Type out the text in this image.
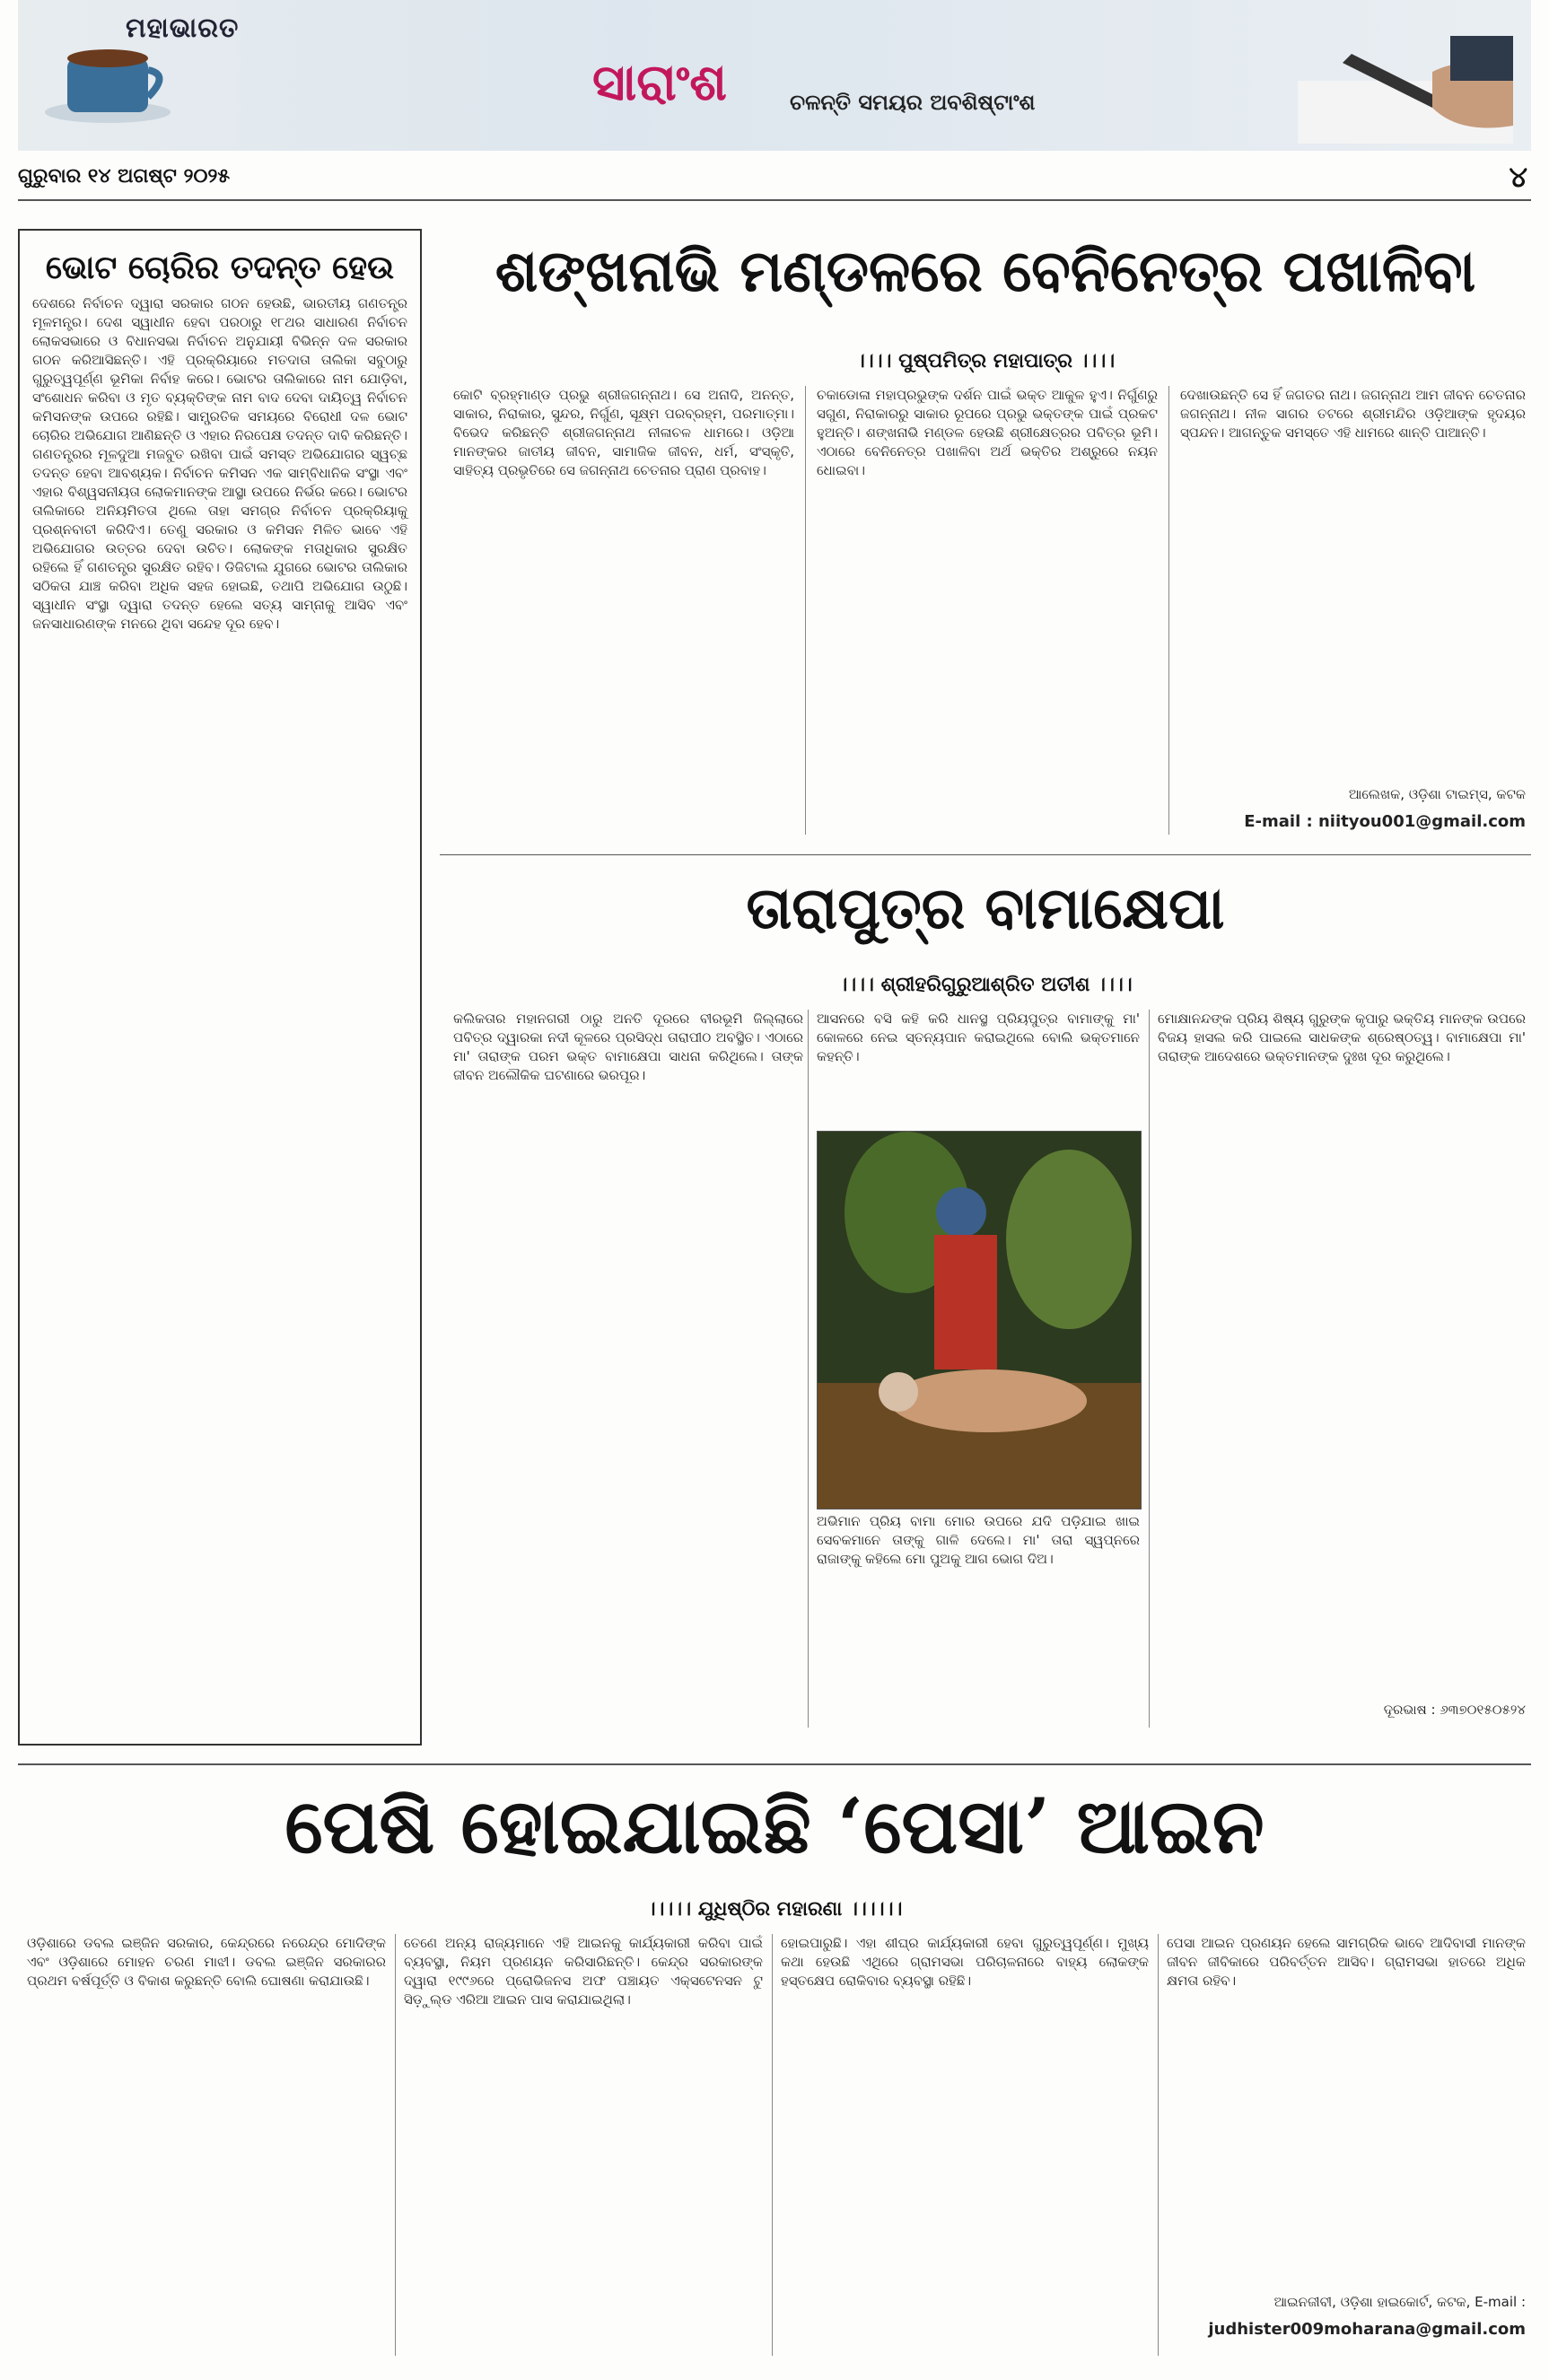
ମହାଭାରତ
ସାରାଂଶ	ଚଳନ୍ତି ସମୟର ଅବଶିଷ୍ଟାଂଶ
ଗୁରୁବାର ୧୪ ଅଗଷ୍ଟ ୨୦୨୫	୪
ଭୋଟ ଚୋରିର ତଦନ୍ତ ହେଉ
ଦେଶରେ ନିର୍ବାଚନ ଦ୍ୱାରା ସରକାର ଗଠନ ହେଉଛି, ଭାରତୀୟ ଗଣତନ୍ତ୍ର ମୂଳମନ୍ତ୍ର। ଦେଶ ସ୍ୱାଧୀନ ହେବା ପରଠାରୁ ୧୮ଥର ସାଧାରଣ ନିର୍ବାଚନ ଲୋକସଭାରେ ଓ ବିଧାନସଭା ନିର୍ବାଚନ ଅନୁଯାୟୀ ବିଭିନ୍ନ ଦଳ ସରକାର ଗଠନ କରିଆସିଛନ୍ତି। ଏହି ପ୍ରକ୍ରିୟାରେ ମତଦାତା ତାଲିକା ସବୁଠାରୁ ଗୁରୁତ୍ୱପୂର୍ଣ୍ଣ ଭୂମିକା ନିର୍ବାହ କରେ। ଭୋଟର ତାଲିକାରେ ନାମ ଯୋଡ଼ିବା, ସଂଶୋଧନ କରିବା ଓ ମୃତ ବ୍ୟକ୍ତିଙ୍କ ନାମ ବାଦ ଦେବା ଦାୟିତ୍ୱ ନିର୍ବାଚନ କମିସନଙ୍କ ଉପରେ ରହିଛି। ସାମ୍ପ୍ରତିକ ସମୟରେ ବିରୋଧୀ ଦଳ ଭୋଟ ଚୋରିର ଅଭିଯୋଗ ଆଣିଛନ୍ତି ଓ ଏହାର ନିରପେକ୍ଷ ତଦନ୍ତ ଦାବି କରିଛନ୍ତି। ଗଣତନ୍ତ୍ରର ମୂଳଦୁଆ ମଜବୁତ ରଖିବା ପାଇଁ ସମସ୍ତ ଅଭିଯୋଗର ସ୍ୱଚ୍ଛ ତଦନ୍ତ ହେବା ଆବଶ୍ୟକ। ନିର୍ବାଚନ କମିସନ ଏକ ସାମ୍ବିଧାନିକ ସଂସ୍ଥା ଏବଂ ଏହାର ବିଶ୍ୱସନୀୟତା ଲୋକମାନଙ୍କ ଆସ୍ଥା ଉପରେ ନିର୍ଭର କରେ। ଭୋଟର ତାଲିକାରେ ଅନିୟମିତତା ଥିଲେ ତାହା ସମଗ୍ର ନିର୍ବାଚନ ପ୍ରକ୍ରିୟାକୁ ପ୍ରଶ୍ନବାଚୀ କରିଦିଏ। ତେଣୁ ସରକାର ଓ କମିସନ ମିଳିତ ଭାବେ ଏହି ଅଭିଯୋଗର ଉତ୍ତର ଦେବା ଉଚିତ। ଲୋକଙ୍କ ମତାଧିକାର ସୁରକ୍ଷିତ ରହିଲେ ହିଁ ଗଣତନ୍ତ୍ର ସୁରକ୍ଷିତ ରହିବ। ଡିଜିଟାଲ ଯୁଗରେ ଭୋଟର ତାଲିକାର ସଠିକତା ଯାଞ୍ଚ କରିବା ଅଧିକ ସହଜ ହୋଇଛି, ତଥାପି ଅଭିଯୋଗ ଉଠୁଛି। ସ୍ୱାଧୀନ ସଂସ୍ଥା ଦ୍ୱାରା ତଦନ୍ତ ହେଲେ ସତ୍ୟ ସାମ୍ନାକୁ ଆସିବ ଏବଂ ଜନସାଧାରଣଙ୍କ ମନରେ ଥିବା ସନ୍ଦେହ ଦୂର ହେବ।
ଶଙ୍ଖନାଭି ମଣ୍ଡଳରେ ବେନିନେତ୍ର ପଖାଳିବା
।।।। ପୁଷ୍ପମିତ୍ର ମହାପାତ୍ର ।।।।
କୋଟି ବ୍ରହ୍ମାଣ୍ଡ ପ୍ରଭୁ ଶ୍ରୀଜଗନ୍ନାଥ। ସେ ଅନାଦି, ଅନନ୍ତ, ସାକାର, ନିରାକାର, ସୁନ୍ଦର, ନିର୍ଗୁଣ, ସୂକ୍ଷ୍ମ ପରବ୍ରହ୍ମ, ପରମାତ୍ମା। ବିଭେଦ କରିଛନ୍ତି ଶ୍ରୀଜଗନ୍ନାଥ ନୀଳାଚଳ ଧାମରେ। ଓଡ଼ିଆ ମାନଙ୍କର ଜାତୀୟ ଜୀବନ, ସାମାଜିକ ଜୀବନ, ଧର୍ମ, ସଂସ୍କୃତି, ସାହିତ୍ୟ ପ୍ରଭୃତିରେ ସେ ଜଗନ୍ନାଥ ଚେତନାର ପ୍ରାଣ ପ୍ରବାହ।
ଚକାଡୋଳା ମହାପ୍ରଭୁଙ୍କ ଦର୍ଶନ ପାଇଁ ଭକ୍ତ ଆକୁଳ ହୁଏ। ନିର୍ଗୁଣରୁ ସଗୁଣ, ନିରାକାରରୁ ସାକାର ରୂପରେ ପ୍ରଭୁ ଭକ୍ତଙ୍କ ପାଇଁ ପ୍ରକଟ ହୁଅନ୍ତି। ଶଙ୍ଖନାଭି ମଣ୍ଡଳ ହେଉଛି ଶ୍ରୀକ୍ଷେତ୍ରର ପବିତ୍ର ଭୂମି। ଏଠାରେ ବେନିନେତ୍ର ପଖାଳିବା ଅର୍ଥ ଭକ୍ତିର ଅଶ୍ରୁରେ ନୟନ ଧୋଇବା।
ଦେଖାଉଛନ୍ତି ସେ ହିଁ ଜଗତର ନାଥ। ଜଗନ୍ନାଥ ଆମ ଜୀବନ ଚେତନାର ଜଗନ୍ନାଥ। ନୀଳ ସାଗର ତଟରେ ଶ୍ରୀମନ୍ଦିର ଓଡ଼ିଆଙ୍କ ହୃଦୟର ସ୍ପନ୍ଦନ। ଆଗନ୍ତୁକ ସମସ୍ତେ ଏହି ଧାମରେ ଶାନ୍ତି ପାଆନ୍ତି।
ଆଲେଖକ, ଓଡ଼ିଶା ଟାଇମ୍ସ, କଟକ
E-mail : niityou001@gmail.com
ତାରାପୁତ୍ର ବାମାକ୍ଷେପା
।।।। ଶ୍ରୀହରିଗୁରୁଆଶ୍ରିତ ଅତୀଶ ।।।।
କଲିକତାର ମହାନଗରୀ ଠାରୁ ଅନତି ଦୂରରେ ବୀରଭୂମି ଜିଲ୍ଲାରେ ପବିତ୍ର ଦ୍ୱାରକା ନଦୀ କୂଳରେ ପ୍ରସିଦ୍ଧ ତାରାପୀଠ ଅବସ୍ଥିତ। ଏଠାରେ ମା' ତାରାଙ୍କ ପରମ ଭକ୍ତ ବାମାକ୍ଷେପା ସାଧନା କରିଥିଲେ। ତାଙ୍କ ଜୀବନ ଅଲୌକିକ ଘଟଣାରେ ଭରପୂର।
ଆସନରେ ବସି କହି କରି ଧାନସ୍ଥ ପ୍ରିୟପୁତ୍ର ବାମାଙ୍କୁ ମା' କୋଳରେ ନେଇ ସ୍ତନ୍ୟପାନ କରାଇଥିଲେ ବୋଲି ଭକ୍ତମାନେ କହନ୍ତି।
ଅଭିମାନ ପ୍ରିୟ ବାମା ମୋର ଉପରେ ଯଦି ପଡ଼ିଯାଇ ଖାଇ ସେବକମାନେ ତାଙ୍କୁ ଗାଳି ଦେଲେ। ମା' ତାରା ସ୍ୱପ୍ନରେ ରାଜାଙ୍କୁ କହିଲେ ମୋ ପୁଅକୁ ଆଗ ଭୋଗ ଦିଅ।
ମୋକ୍ଷାନନ୍ଦଙ୍କ ପ୍ରିୟ ଶିଷ୍ୟ ଗୁରୁଙ୍କ କୃପାରୁ ଭକ୍ତିୟ ମାନଙ୍କ ଉପରେ ବିଜୟ ହାସଲ କରି ପାଇଲେ ସାଧକଙ୍କ ଶ୍ରେଷ୍ଠତ୍ୱ। ବାମାକ୍ଷେପା ମା' ତାରାଙ୍କ ଆଦେଶରେ ଭକ୍ତମାନଙ୍କ ଦୁଃଖ ଦୂର କରୁଥିଲେ।
ଦୂରଭାଷ : ୬୩୭୦୧୫୦୫୨୪
ପେଷି ହୋଇଯାଇଛି ‘ପେସା’ ଆଇନ
।।।।। ଯୁଧିଷ୍ଠିର ମହାରଣା ।।।।।।
ଓଡ଼ିଶାରେ ଡବଲ ଇଞ୍ଜିନ ସରକାର, କେନ୍ଦ୍ରରେ ନରେନ୍ଦ୍ର ମୋଦିଙ୍କ ଏବଂ ଓଡ଼ିଶାରେ ମୋହନ ଚରଣ ମାଝୀ। ଡବଲ ଇଞ୍ଜିନ ସରକାରର ପ୍ରଥମ ବର୍ଷପୂର୍ତ୍ତି ଓ ବିକାଶ କରୁଛନ୍ତି ବୋଲି ଘୋଷଣା କରାଯାଉଛି।
ତେଣେ ଅନ୍ୟ ରାଜ୍ୟମାନେ ଏହି ଆଇନକୁ କାର୍ଯ୍ୟକାରୀ କରିବା ପାଇଁ ବ୍ୟବସ୍ଥା, ନିୟମ ପ୍ରଣୟନ କରିସାରିଛନ୍ତି। କେନ୍ଦ୍ର ସରକାରଙ୍କ ଦ୍ୱାରା ୧୯୯୬ରେ ପ୍ରୋଭିଜନସ ଅଫ ପଞ୍ଚାୟତ ଏକ୍ସଟେନସନ ଟୁ ସିଡ଼ୁଲ୍ଡ ଏରିଆ ଆଇନ ପାସ କରାଯାଇଥିଲା।
ହୋଇପାରୁଛି। ଏହା ଶୀଘ୍ର କାର୍ଯ୍ୟକାରୀ ହେବା ଗୁରୁତ୍ୱପୂର୍ଣ୍ଣ। ମୁଖ୍ୟ କଥା ହେଉଛି ଏଥିରେ ଗ୍ରାମସଭା ପରିଚାଳନାରେ ବାହ୍ୟ ଲୋକଙ୍କ ହସ୍ତକ୍ଷେପ ରୋକିବାର ବ୍ୟବସ୍ଥା ରହିଛି।
ପେସା ଆଇନ ପ୍ରଣୟନ ହେଲେ ସାମଗ୍ରିକ ଭାବେ ଆଦିବାସୀ ମାନଙ୍କ ଜୀବନ ଜୀବିକାରେ ପରିବର୍ତ୍ତନ ଆସିବ। ଗ୍ରାମସଭା ହାତରେ ଅଧିକ କ୍ଷମତା ରହିବ।
ଆଇନଜୀବୀ, ଓଡ଼ିଶା ହାଇକୋର୍ଟ, କଟକ, E-mail :
judhister009moharana@gmail.com
